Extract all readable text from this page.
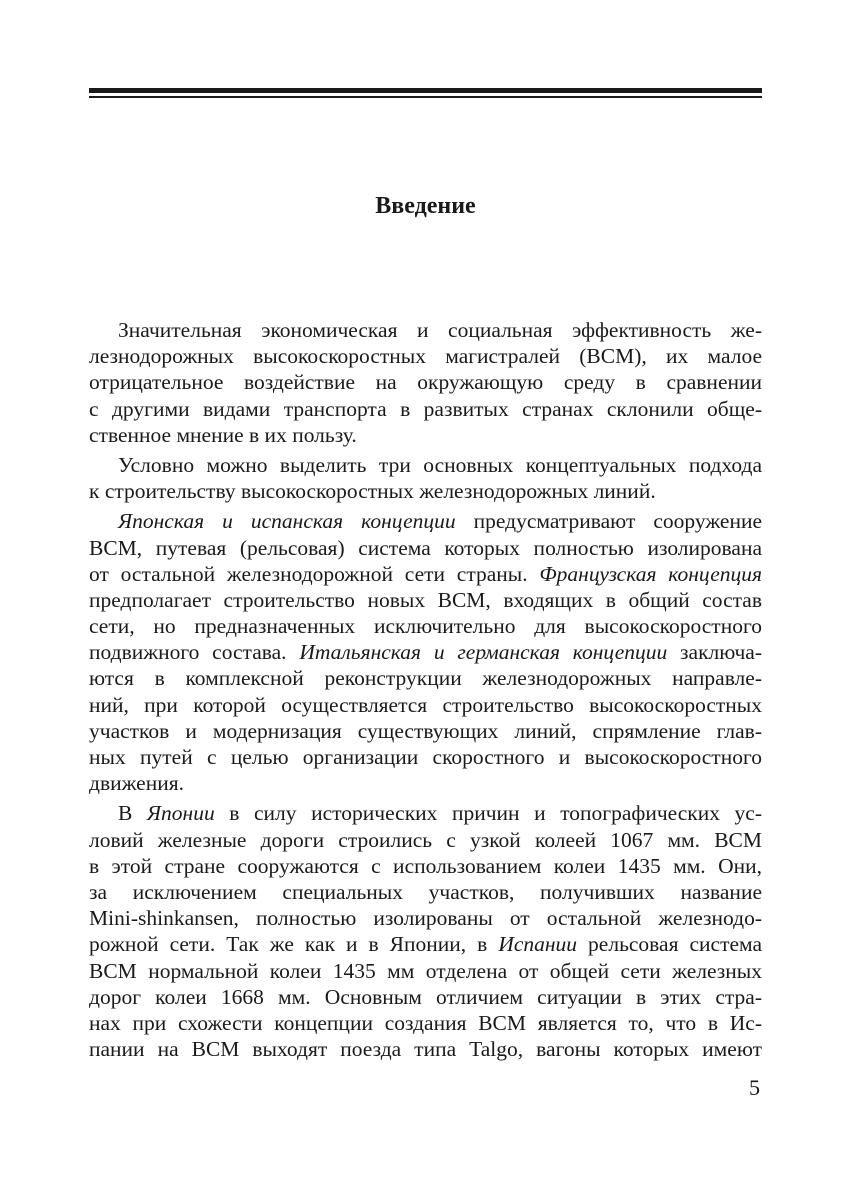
Введение
Значительная экономическая и социальная эффективность же-
лезнодорожных высокоскоростных магистралей (ВСМ), их малое
отрицательное воздействие на окружающую среду в сравнении
с другими видами транспорта в развитых странах склонили обще-
ственное мнение в их пользу.
Условно можно выделить три основных концептуальных подхода
к строительству высокоскоростных железнодорожных линий.
Японская и испанская концепции предусматривают сооружение
ВСМ, путевая (рельсовая) система которых полностью изолирована
от остальной железнодорожной сети страны. Французская концепция
предполагает строительство новых ВСМ, входящих в общий состав
сети, но предназначенных исключительно для высокоскоростного
подвижного состава. Итальянская и германская концепции заключа-
ются в комплексной реконструкции железнодорожных направле-
ний, при которой осуществляется строительство высокоскоростных
участков и модернизация существующих линий, спрямление глав-
ных путей с целью организации скоростного и высокоскоростного
движения.
В Японии в силу исторических причин и топографических ус-
ловий железные дороги строились с узкой колеей 1067 мм. ВСМ
в этой стране сооружаются с использованием колеи 1435 мм. Они,
за исключением специальных участков, получивших название
Mini-shinkansen, полностью изолированы от остальной железнодо-
рожной сети. Так же как и в Японии, в Испании рельсовая система
ВСМ нормальной колеи 1435 мм отделена от общей сети железных
дорог колеи 1668 мм. Основным отличием ситуации в этих стра-
нах при схожести концепции создания ВСМ является то, что в Ис-
пании на ВСМ выходят поезда типа Talgo, вагоны которых имеют
5
